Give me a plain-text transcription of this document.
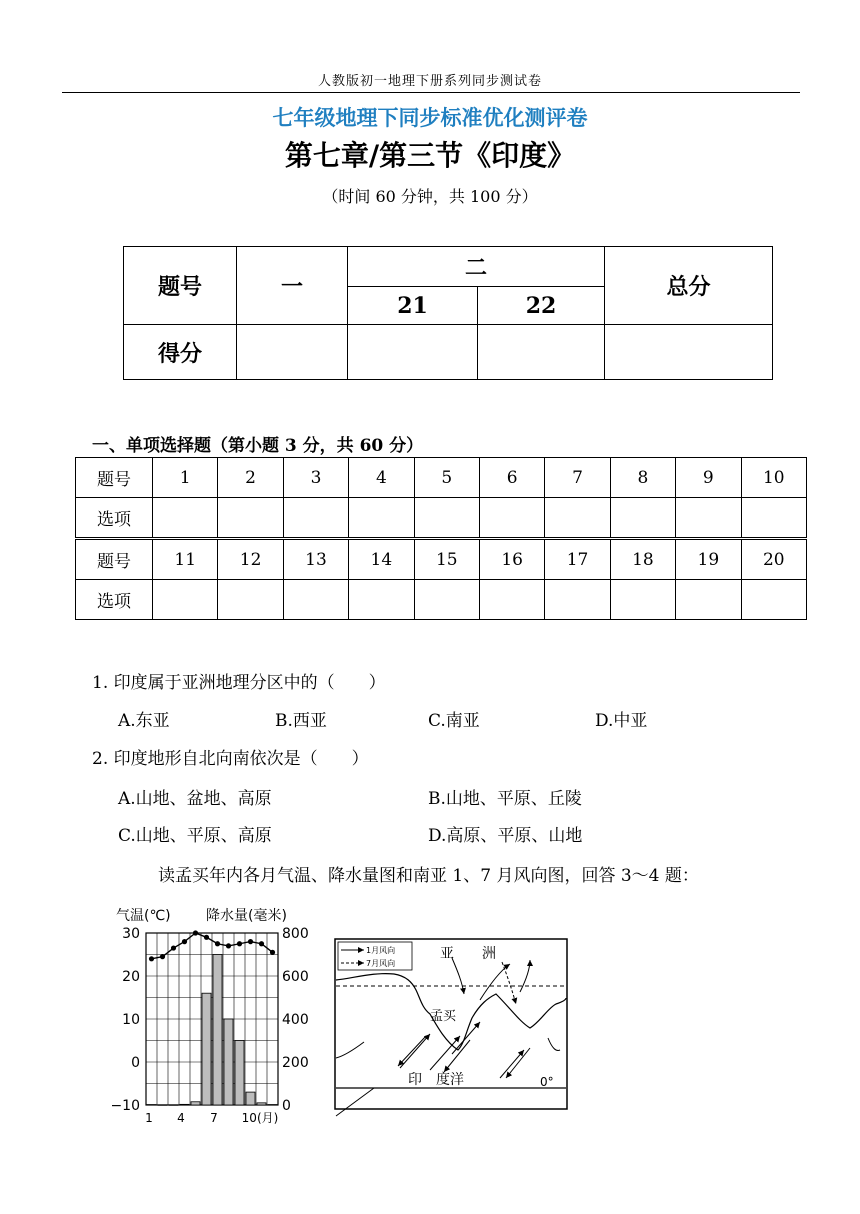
人教版初一地理下册系列同步测试卷
七年级地理下同步标准优化测评卷
第七章/第三节《印度》
（时间 60 分钟，共 100 分）
题号	一	二		总分
		21	22	
得分				
一、单项选择题（第小题 3 分，共 60 分）
题号	1	2	3	4	5	6	7	8	9	10
选项										
题号	11	12	13	14	15	16	17	18	19	20
选项										
1. 印度属于亚洲地理分区中的（　　）
A.东亚	B.西亚	C.南亚	D.中亚
2. 印度地形自北向南依次是（　　）
A.山地、盆地、高原	B.山地、平原、丘陵
C.山地、平原、高原	D.高原、平原、山地
读孟买年内各月气温、降水量图和南亚 1、7 月风向图，回答 3～4 题：
气温(℃)	降水量(毫米)
30
20
10
0
−10
800
600
400
200
0
1 4 7 10(月)
1月风向
7月风向
0°
亚　　洲
孟买
印　度洋
